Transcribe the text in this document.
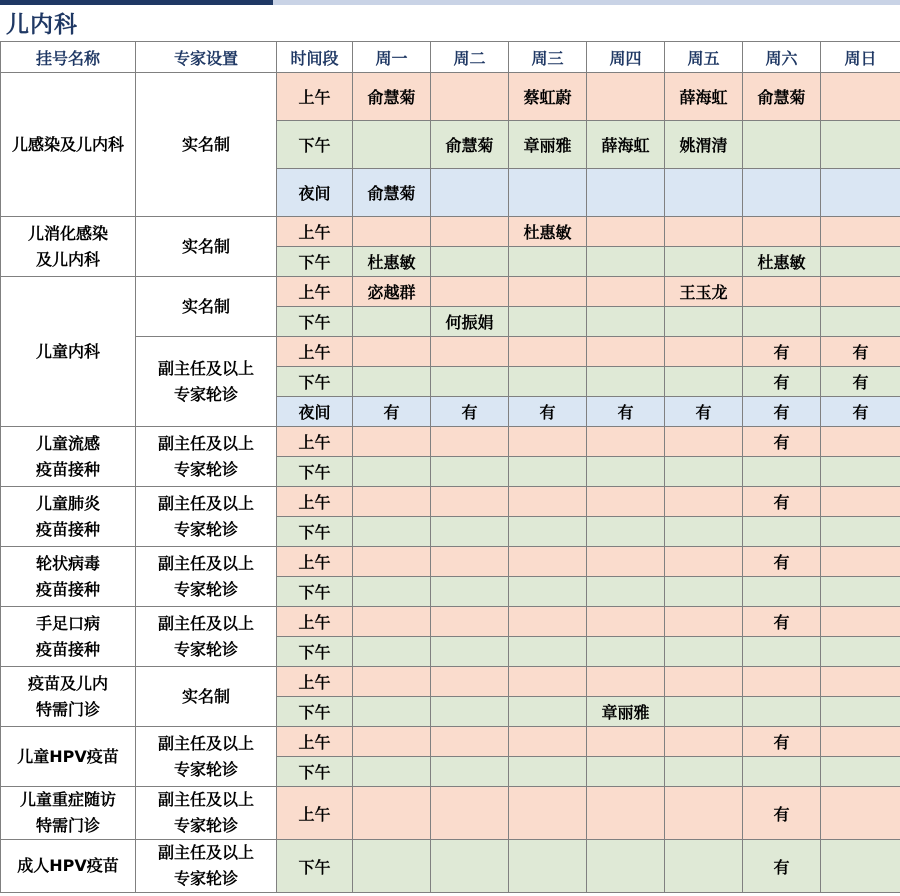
儿内科
挂号名称	专家设置	时间段	周一	周二	周三	周四	周五	周六	周日
儿感染及儿内科	实名制	上午	俞慧菊		蔡虹蔚		薛海虹	俞慧菊	
		下午		俞慧菊	章丽雅	薛海虹	姚渭清		
		夜间	俞慧菊						
儿消化感染
及儿内科	实名制	上午			杜惠敏				
		下午	杜惠敏					杜惠敏	
儿童内科	实名制	上午	宓越群				王玉龙		
		下午		何振娟					
	副主任及以上
专家轮诊	上午						有	有
		下午						有	有
		夜间	有	有	有	有	有	有	有
儿童流感
疫苗接种	副主任及以上
专家轮诊	上午						有	
		下午							
儿童肺炎
疫苗接种	副主任及以上
专家轮诊	上午						有	
		下午							
轮状病毒
疫苗接种	副主任及以上
专家轮诊	上午						有	
		下午							
手足口病
疫苗接种	副主任及以上
专家轮诊	上午						有	
		下午							
疫苗及儿内
特需门诊	实名制	上午							
		下午				章丽雅			
儿童HPV疫苗	副主任及以上
专家轮诊	上午						有	
		下午							
儿童重症随访
特需门诊	副主任及以上
专家轮诊	上午						有	
成人HPV疫苗	副主任及以上
专家轮诊	下午						有	
